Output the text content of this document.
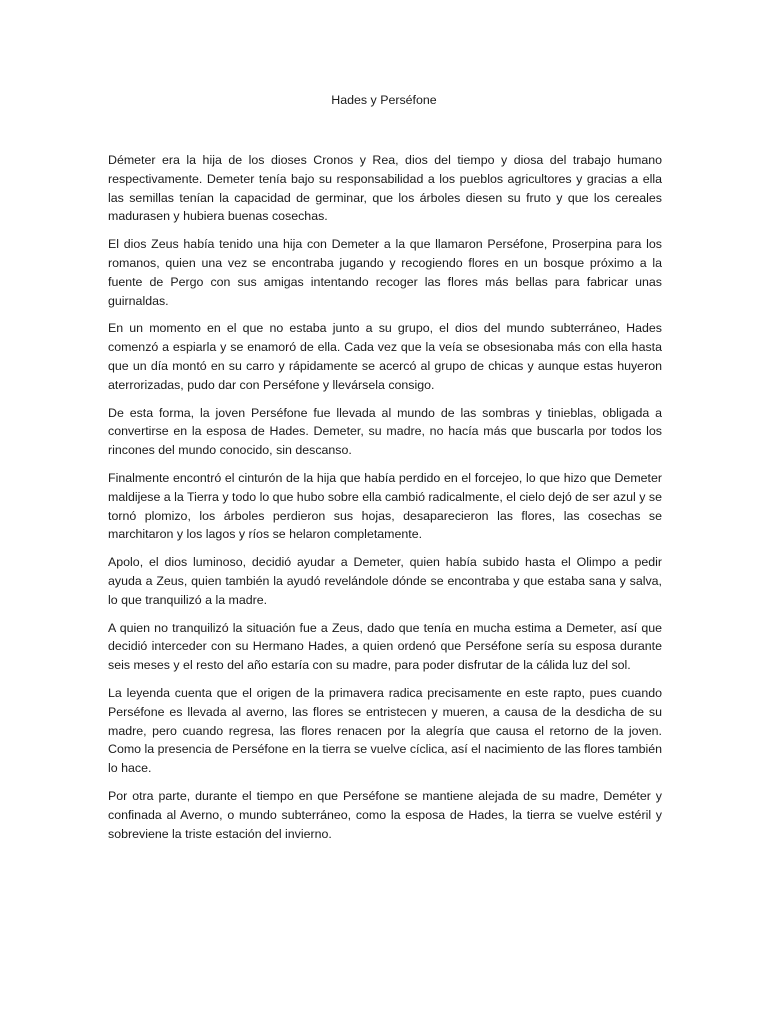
Hades y Perséfone

Démeter era la hija de los dioses Cronos y Rea, dios del tiempo y diosa del trabajo humano respectivamente. Demeter tenía bajo su responsabilidad a los pueblos agricultores y gracias a ella las semillas tenían la capacidad de germinar, que los árboles diesen su fruto y que los cereales madurasen y hubiera buenas cosechas.

El dios Zeus había tenido una hija con Demeter a la que llamaron Perséfone, Proserpina para los romanos, quien una vez se encontraba jugando y recogiendo flores en un bosque próximo a la fuente de Pergo con sus amigas intentando recoger las flores más bellas para fabricar unas guirnaldas.

En un momento en el que no estaba junto a su grupo, el dios del mundo subterráneo, Hades comenzó a espiarla y se enamoró de ella. Cada vez que la veía se obsesionaba más con ella hasta que un día montó en su carro y rápidamente se acercó al grupo de chicas y aunque estas huyeron aterrorizadas, pudo dar con Perséfone y llevársela consigo.

De esta forma, la joven Perséfone fue llevada al mundo de las sombras y tinieblas, obligada a convertirse en la esposa de Hades. Demeter, su madre, no hacía más que buscarla por todos los rincones del mundo conocido, sin descanso.

Finalmente encontró el cinturón de la hija que había perdido en el forcejeo, lo que hizo que Demeter maldijese a la Tierra y todo lo que hubo sobre ella cambió radicalmente, el cielo dejó de ser azul y se tornó plomizo, los árboles perdieron sus hojas, desaparecieron las flores, las cosechas se marchitaron y los lagos y ríos se helaron completamente.

Apolo, el dios luminoso, decidió ayudar a Demeter, quien había subido hasta el Olimpo a pedir ayuda a Zeus, quien también la ayudó revelándole dónde se encontraba y que estaba sana y salva, lo que tranquilizó a la madre.

A quien no tranquilizó la situación fue a Zeus, dado que tenía en mucha estima a Demeter, así que decidió interceder con su Hermano Hades, a quien ordenó que Perséfone sería su esposa durante seis meses y el resto del año estaría con su madre, para poder disfrutar de la cálida luz del sol.

La leyenda cuenta que el origen de la primavera radica precisamente en este rapto, pues cuando Perséfone es llevada al averno, las flores se entristecen y mueren, a causa de la desdicha de su madre, pero cuando regresa, las flores renacen por la alegría que causa el retorno de la joven. Como la presencia de Perséfone en la tierra se vuelve cíclica, así el nacimiento de las flores también lo hace.

Por otra parte, durante el tiempo en que Perséfone se mantiene alejada de su madre, Deméter y confinada al Averno, o mundo subterráneo, como la esposa de Hades, la tierra se vuelve estéril y sobreviene la triste estación del invierno.
